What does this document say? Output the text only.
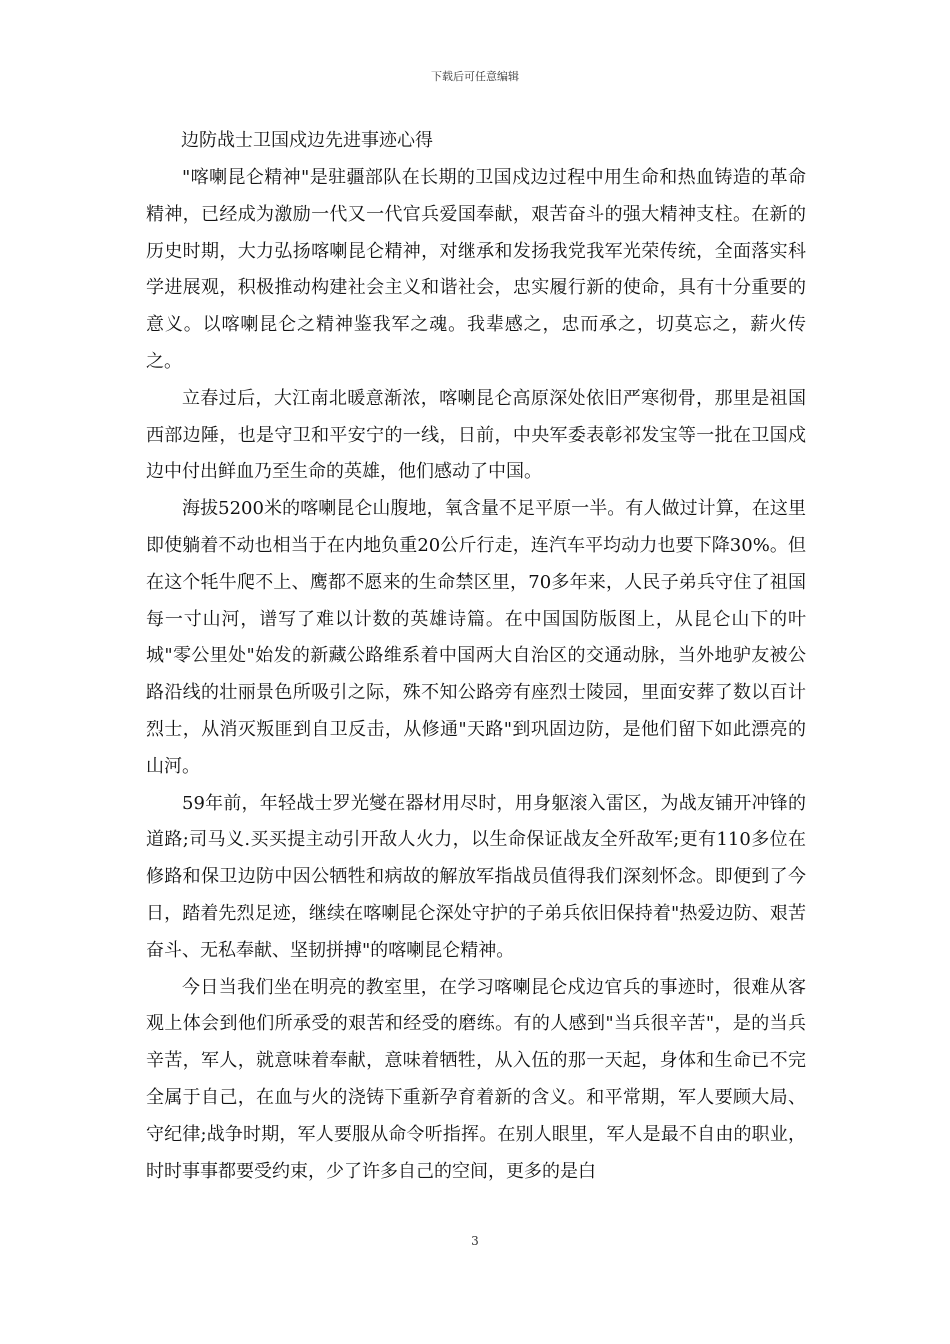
下载后可任意编辑

边防战士卫国戍边先进事迹心得

"喀喇昆仑精神"是驻疆部队在长期的卫国戍边过程中用生命和热血铸造的革命精神，已经成为激励一代又一代官兵爱国奉献，艰苦奋斗的强大精神支柱。在新的历史时期，大力弘扬喀喇昆仑精神，对继承和发扬我党我军光荣传统，全面落实科学进展观，积极推动构建社会主义和谐社会，忠实履行新的使命，具有十分重要的意义。以喀喇昆仑之精神鉴我军之魂。我辈感之，忠而承之，切莫忘之，薪火传之。

立春过后，大江南北暖意渐浓，喀喇昆仑高原深处依旧严寒彻骨，那里是祖国西部边陲，也是守卫和平安宁的一线，日前，中央军委表彰祁发宝等一批在卫国戍边中付出鲜血乃至生命的英雄，他们感动了中国。

海拔5200米的喀喇昆仑山腹地，氧含量不足平原一半。有人做过计算，在这里即使躺着不动也相当于在内地负重20公斤行走，连汽车平均动力也要下降30%。但在这个牦牛爬不上、鹰都不愿来的生命禁区里，70多年来，人民子弟兵守住了祖国每一寸山河，谱写了难以计数的英雄诗篇。在中国国防版图上，从昆仑山下的叶城"零公里处"始发的新藏公路维系着中国两大自治区的交通动脉，当外地驴友被公路沿线的壮丽景色所吸引之际，殊不知公路旁有座烈士陵园，里面安葬了数以百计烈士，从消灭叛匪到自卫反击，从修通"天路"到巩固边防，是他们留下如此漂亮的山河。

59年前，年轻战士罗光燮在器材用尽时，用身躯滚入雷区，为战友铺开冲锋的道路;司马义.买买提主动引开敌人火力，以生命保证战友全歼敌军;更有110多位在修路和保卫边防中因公牺牲和病故的解放军指战员值得我们深刻怀念。即便到了今日，踏着先烈足迹，继续在喀喇昆仑深处守护的子弟兵依旧保持着"热爱边防、艰苦奋斗、无私奉献、坚韧拼搏"的喀喇昆仑精神。

今日当我们坐在明亮的教室里，在学习喀喇昆仑戍边官兵的事迹时，很难从客观上体会到他们所承受的艰苦和经受的磨练。有的人感到"当兵很辛苦"，是的当兵辛苦，军人，就意味着奉献，意味着牺牲，从入伍的那一天起，身体和生命已不完全属于自己，在血与火的浇铸下重新孕育着新的含义。和平常期，军人要顾大局、守纪律;战争时期，军人要服从命令听指挥。在别人眼里，军人是最不自由的职业，时时事事都要受约束，少了许多自己的空间，更多的是白

3
